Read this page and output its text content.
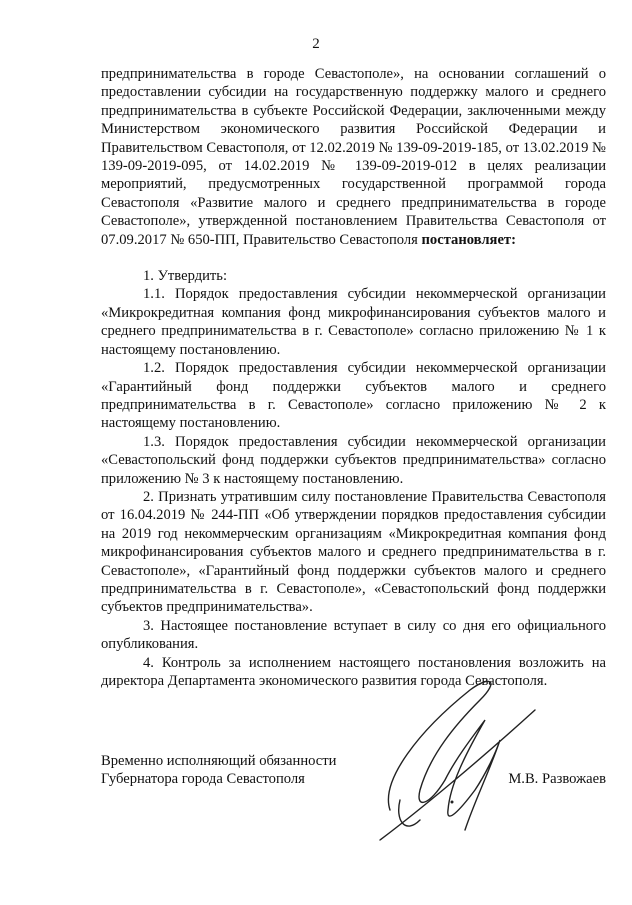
2

предпринимательства в городе Севастополе», на основании соглашений о предоставлении субсидии на государственную поддержку малого и среднего предпринимательства в субъекте Российской Федерации, заключенными между Министерством экономического развития Российской Федерации и Правительством Севастополя, от 12.02.2019 № 139-09-2019-185, от 13.02.2019 № 139-09-2019-095, от 14.02.2019 № 139-09-2019-012 в целях реализации мероприятий, предусмотренных государственной программой города Севастополя «Развитие малого и среднего предпринимательства в городе Севастополе», утвержденной постановлением Правительства Севастополя от 07.09.2017 № 650-ПП, Правительство Севастополя постановляет:

1. Утвердить:

1.1. Порядок предоставления субсидии некоммерческой организации «Микрокредитная компания фонд микрофинансирования субъектов малого и среднего предпринимательства в г. Севастополе» согласно приложению № 1 к настоящему постановлению.

1.2. Порядок предоставления субсидии некоммерческой организации «Гарантийный фонд поддержки субъектов малого и среднего предпринимательства в г. Севастополе» согласно приложению № 2 к настоящему постановлению.

1.3. Порядок предоставления субсидии некоммерческой организации «Севастопольский фонд поддержки субъектов предпринимательства» согласно приложению № 3 к настоящему постановлению.

2. Признать утратившим силу постановление Правительства Севастополя от 16.04.2019 № 244-ПП «Об утверждении порядков предоставления субсидии на 2019 год некоммерческим организациям «Микрокредитная компания фонд микрофинансирования субъектов малого и среднего предпринимательства в г. Севастополе», «Гарантийный фонд поддержки субъектов малого и среднего предпринимательства в г. Севастополе», «Севастопольский фонд поддержки субъектов предпринимательства».

3. Настоящее постановление вступает в силу со дня его официального опубликования.

4. Контроль за исполнением настоящего постановления возложить на директора Департамента экономического развития города Севастополя.

Временно исполняющий обязанности
Губернатора города Севастополя	М.В. Развожаев
